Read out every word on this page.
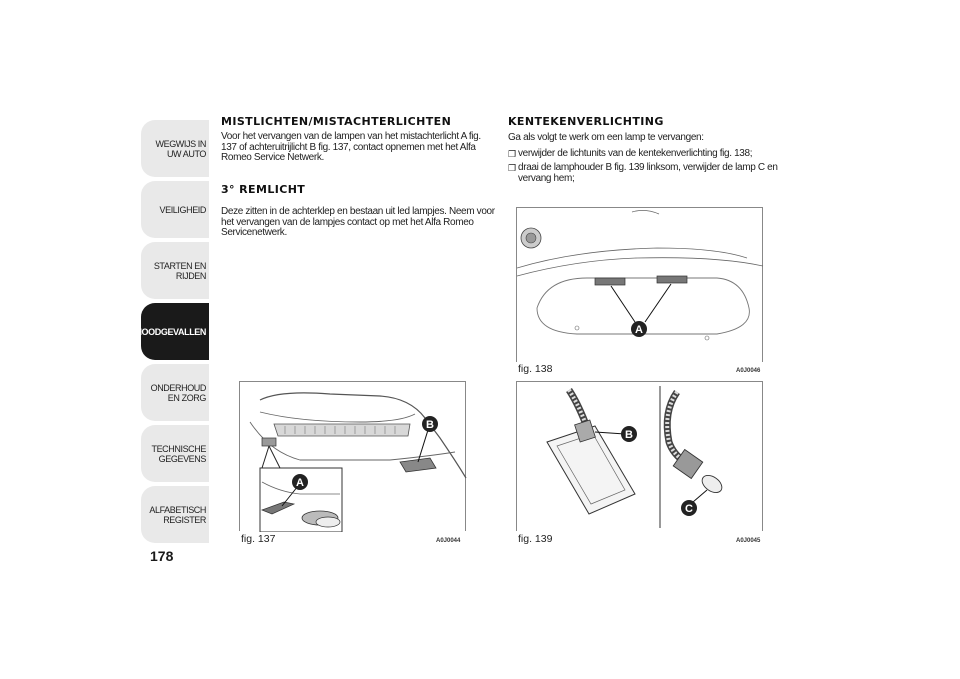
WEGWIJS IN UW AUTO
VEILIGHEID
STARTEN EN RIJDEN
NOODGEVALLEN
ONDERHOUD EN ZORG
TECHNISCHE GEGEVENS
ALFABETISCH REGISTER
178
MISTLICHTEN/MISTACHTERLICHTEN
Voor het vervangen van de lampen van het mistachterlicht A fig. 137 of achteruitrijlicht B fig. 137, contact opnemen met het Alfa Romeo Service Netwerk.
3° REMLICHT
Deze zitten in de achterklep en bestaan uit led lampjes. Neem voor het vervangen van de lampjes contact op met het Alfa Romeo Servicenetwerk.
A
B
fig. 137	A0J0044
KENTEKENVERLICHTING
Ga als volgt te werk om een lamp te vervangen:
❒ verwijder de lichtunits van de kentekenverlichting fig. 138;
❒ draai de lamphouder B fig. 139 linksom, verwijder de lamp C en vervang hem;
A
fig. 138	A0J0046
B
C
fig. 139	A0J0045
